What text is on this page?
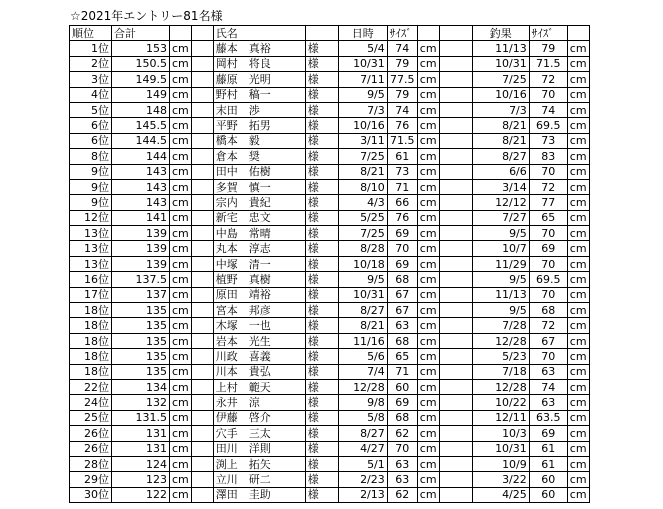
☆2021年エントリー81名様
順位	合計			氏名		日時	ｻｲｽﾞ			釣果	ｻｲｽﾞ	
1位	153	cm		藤本　真裕	様	5/4	74	cm		11/13	79	cm
2位	150.5	cm		岡村　将良	様	10/31	79	cm		10/31	71.5	cm
3位	149.5	cm		藤原　光明	様	7/11	77.5	cm		7/25	72	cm
4位	149	cm		野村　稿一	様	9/5	79	cm		10/16	70	cm
5位	148	cm		末田　渉	様	7/3	74	cm		7/3	74	cm
6位	145.5	cm		平野　拓男	様	10/16	76	cm		8/21	69.5	cm
6位	144.5	cm		橋本　毅	様	3/11	71.5	cm		8/21	73	cm
8位	144	cm		倉本　奨	様	7/25	61	cm		8/27	83	cm
9位	143	cm		田中　佑樹	様	8/21	73	cm		6/6	70	cm
9位	143	cm		多賀　慎一	様	8/10	71	cm		3/14	72	cm
9位	143	cm		宗内　貴紀	様	4/3	66	cm		12/12	77	cm
12位	141	cm		新宅　忠文	様	5/25	76	cm		7/27	65	cm
13位	139	cm		中島　常晴	様	7/25	69	cm		9/5	70	cm
13位	139	cm		丸本　淳志	様	8/28	70	cm		10/7	69	cm
13位	139	cm		中塚　清一	様	10/18	69	cm		11/29	70	cm
16位	137.5	cm		植野　真樹	様	9/5	68	cm		9/5	69.5	cm
17位	137	cm		原田　靖裕	様	10/31	67	cm		11/13	70	cm
18位	135	cm		宮本　邦彦	様	8/27	67	cm		9/5	68	cm
18位	135	cm		木塚　一也	様	8/21	63	cm		7/28	72	cm
18位	135	cm		岩本　光生	様	11/16	68	cm		12/28	67	cm
18位	135	cm		川政　喜義	様	5/6	65	cm		5/23	70	cm
18位	135	cm		川本　貴弘	様	7/4	71	cm		7/18	63	cm
22位	134	cm		上村　範天	様	12/28	60	cm		12/28	74	cm
24位	132	cm		永井　涼	様	9/8	69	cm		10/22	63	cm
25位	131.5	cm		伊藤　啓介	様	5/8	68	cm		12/11	63.5	cm
26位	131	cm		穴手　三太	様	8/27	62	cm		10/3	69	cm
26位	131	cm		田川　洋則	様	4/27	70	cm		10/31	61	cm
28位	124	cm		渕上　拓矢	様	5/1	63	cm		10/9	61	cm
29位	123	cm		立川　研二	様	2/23	63	cm		3/22	60	cm
30位	122	cm		澤田　圭助	様	2/13	62	cm		4/25	60	cm
